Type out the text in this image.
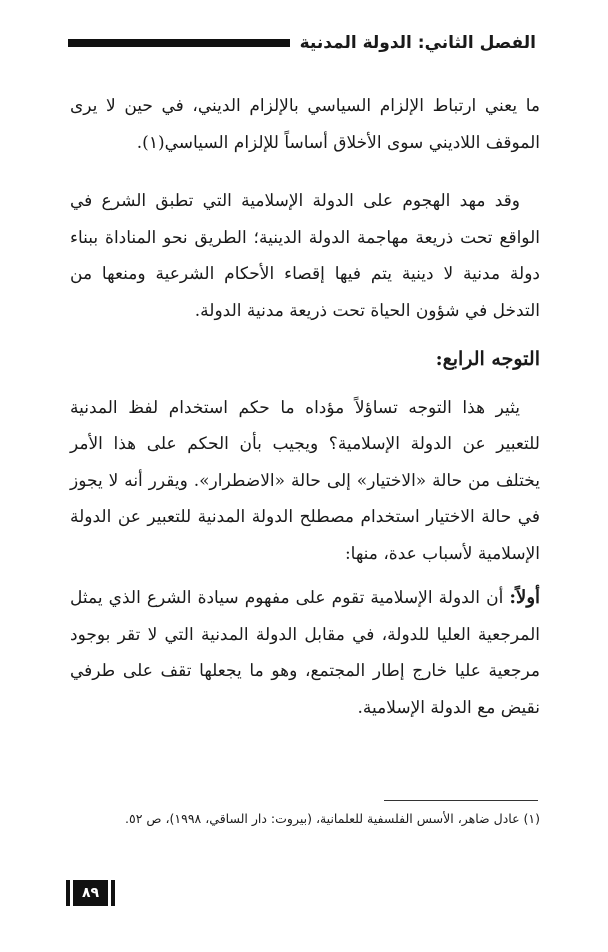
الفصل الثاني: الدولة المدنية

ما يعني ارتباط الإلزام السياسي بالإلزام الديني، في حين لا يرى الموقف اللاديني سوى الأخلاق أساساً للإلزام السياسي(١).

وقد مهد الهجوم على الدولة الإسلامية التي تطبق الشرع في الواقع تحت ذريعة مهاجمة الدولة الدينية؛ الطريق نحو المناداة ببناء دولة مدنية لا دينية يتم فيها إقصاء الأحكام الشرعية ومنعها من التدخل في شؤون الحياة تحت ذريعة مدنية الدولة.

التوجه الرابع:

يثير هذا التوجه تساؤلاً مؤداه ما حكم استخدام لفظ المدنية للتعبير عن الدولة الإسلامية؟ ويجيب بأن الحكم على هذا الأمر يختلف من حالة «الاختيار» إلى حالة «الاضطرار». ويقرر أنه لا يجوز في حالة الاختيار استخدام مصطلح الدولة المدنية للتعبير عن الدولة الإسلامية لأسباب عدة، منها:

أولاً: أن الدولة الإسلامية تقوم على مفهوم سيادة الشرع الذي يمثل المرجعية العليا للدولة، في مقابل الدولة المدنية التي لا تقر بوجود مرجعية عليا خارج إطار المجتمع، وهو ما يجعلها تقف على طرفي نقيض مع الدولة الإسلامية.

(١) عادل ضاهر، الأسس الفلسفية للعلمانية، (بيروت: دار الساقي، ١٩٩٨)، ص ٥٢.
٨٩
